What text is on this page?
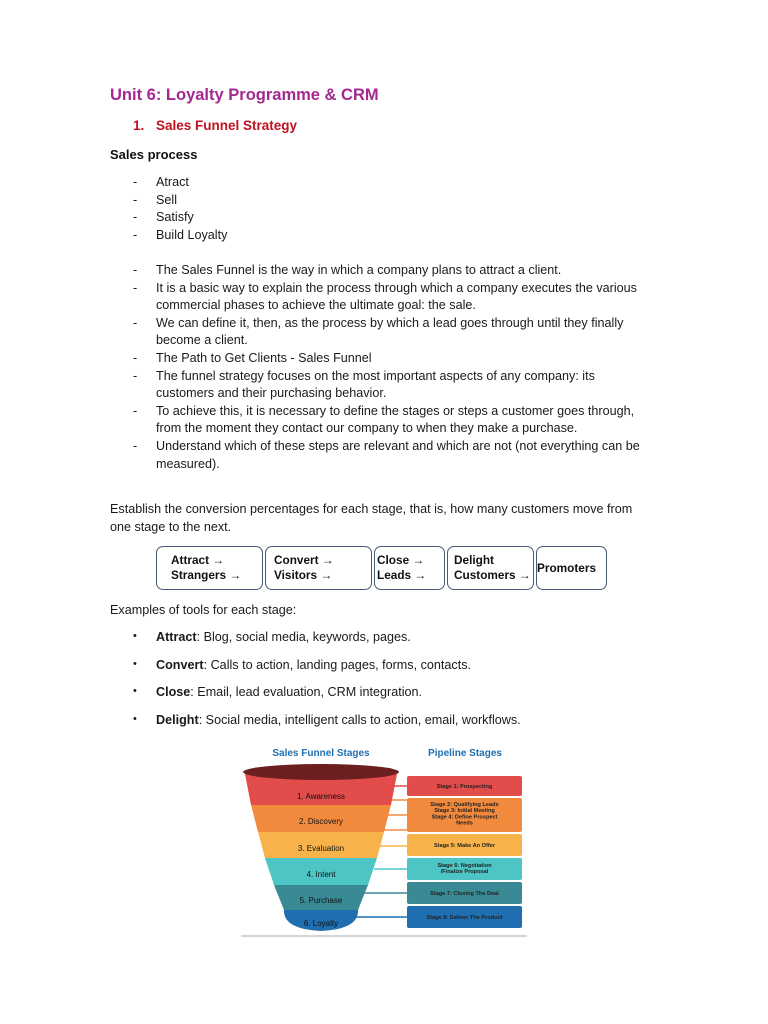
Unit 6: Loyalty Programme & CRM
1. Sales Funnel Strategy
Sales process
- Atract
- Sell
- Satisfy
- Build Loyalty
- The Sales Funnel is the way in which a company plans to attract a client.
- It is a basic way to explain the process through which a company executes the various commercial phases to achieve the ultimate goal: the sale.
- We can define it, then, as the process by which a lead goes through until they finally become a client.
- The Path to Get Clients - Sales Funnel
- The funnel strategy focuses on the most important aspects of any company: its customers and their purchasing behavior.
- To achieve this, it is necessary to define the stages or steps a customer goes through, from the moment they contact our company to when they make a purchase.
- Understand which of these steps are relevant and which are not (not everything can be measured).

Establish the conversion percentages for each stage, that is, how many customers move from one stage to the next.

Attract →
Strangers →
Convert →
Visitors →
Close →
Leads →
Delight
Customers →
Promoters

Examples of tools for each stage:

• Attract: Blog, social media, keywords, pages.
• Convert: Calls to action, landing pages, forms, contacts.
• Close: Email, lead evaluation, CRM integration.
• Delight: Social media, intelligent calls to action, email, workflows.
Sales Funnel Stages	Pipeline Stages
1. Awareness
2. Discovery
3. Evaluation
4. Intent
5. Purchase
6. Loyalty
Stage 1: Prospecting
Stage 2: Qualifying Leads Stage 3: Initial Meeting Stage 4: Define Prospect Needs
Stage 5: Make An Offer
Stage 6: Negotiation /Finalize Proposal
Stage 7: Closing The Deal
Stage 8: Deliver The Product
